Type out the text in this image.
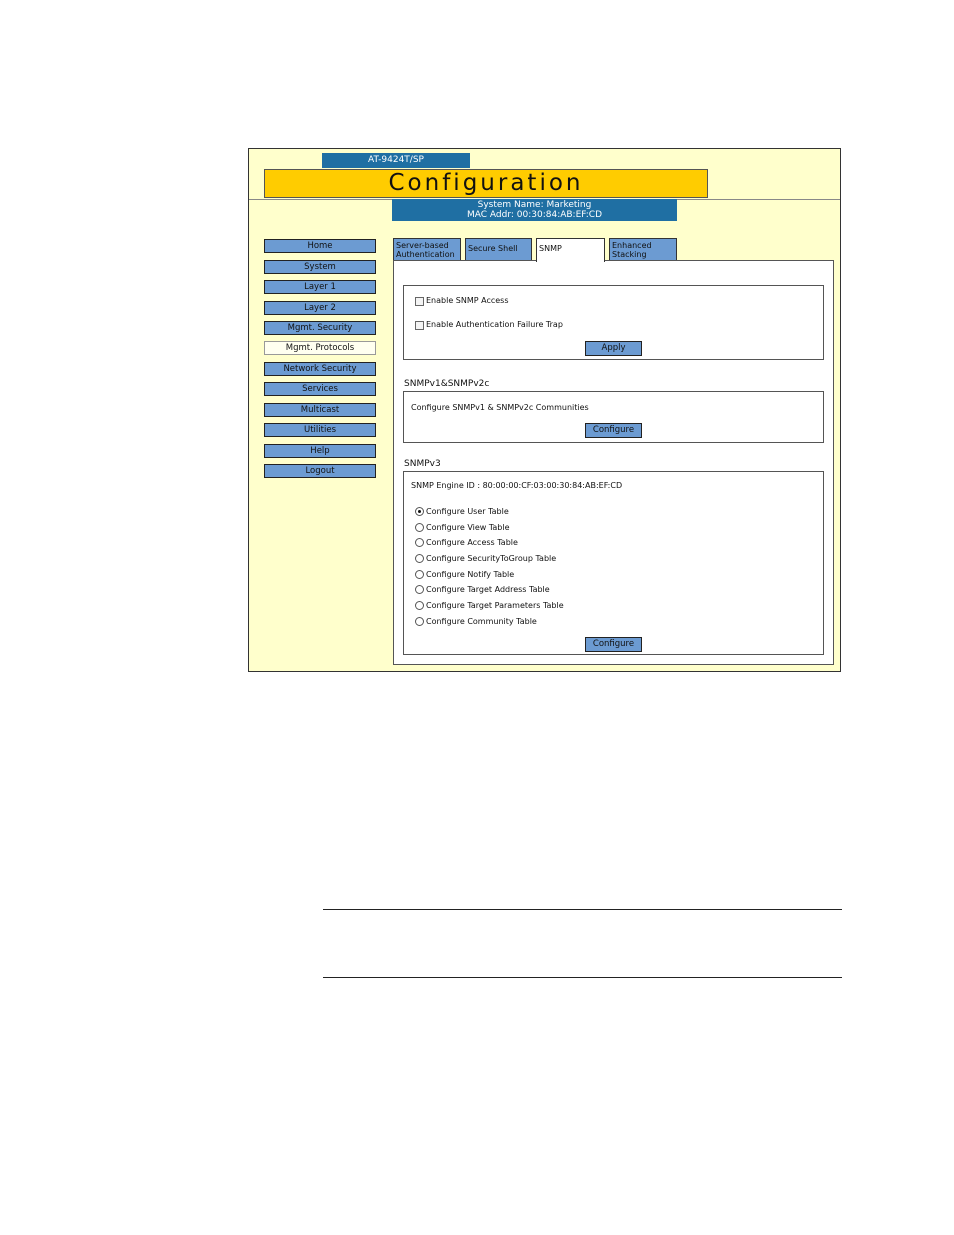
AT-9424T/SP
Configuration
System Name: Marketing
MAC Addr: 00:30:84:AB:EF:CD
Home
System
Layer 1
Layer 2
Mgmt. Security
Mgmt. Protocols
Network Security
Services
Multicast
Utilities
Help
Logout
Server-based Authentication
Secure Shell	SNMP	Enhanced Stacking
Enable SNMP Access
Enable Authentication Failure Trap
Apply
SNMPv1&SNMPv2c
Configure SNMPv1 & SNMPv2c Communities
Configure
SNMPv3
SNMP Engine ID : 80:00:00:CF:03:00:30:84:AB:EF:CD
Configure User Table
Configure View Table
Configure Access Table
Configure SecurityToGroup Table
Configure Notify Table
Configure Target Address Table
Configure Target Parameters Table
Configure Community Table
Configure
